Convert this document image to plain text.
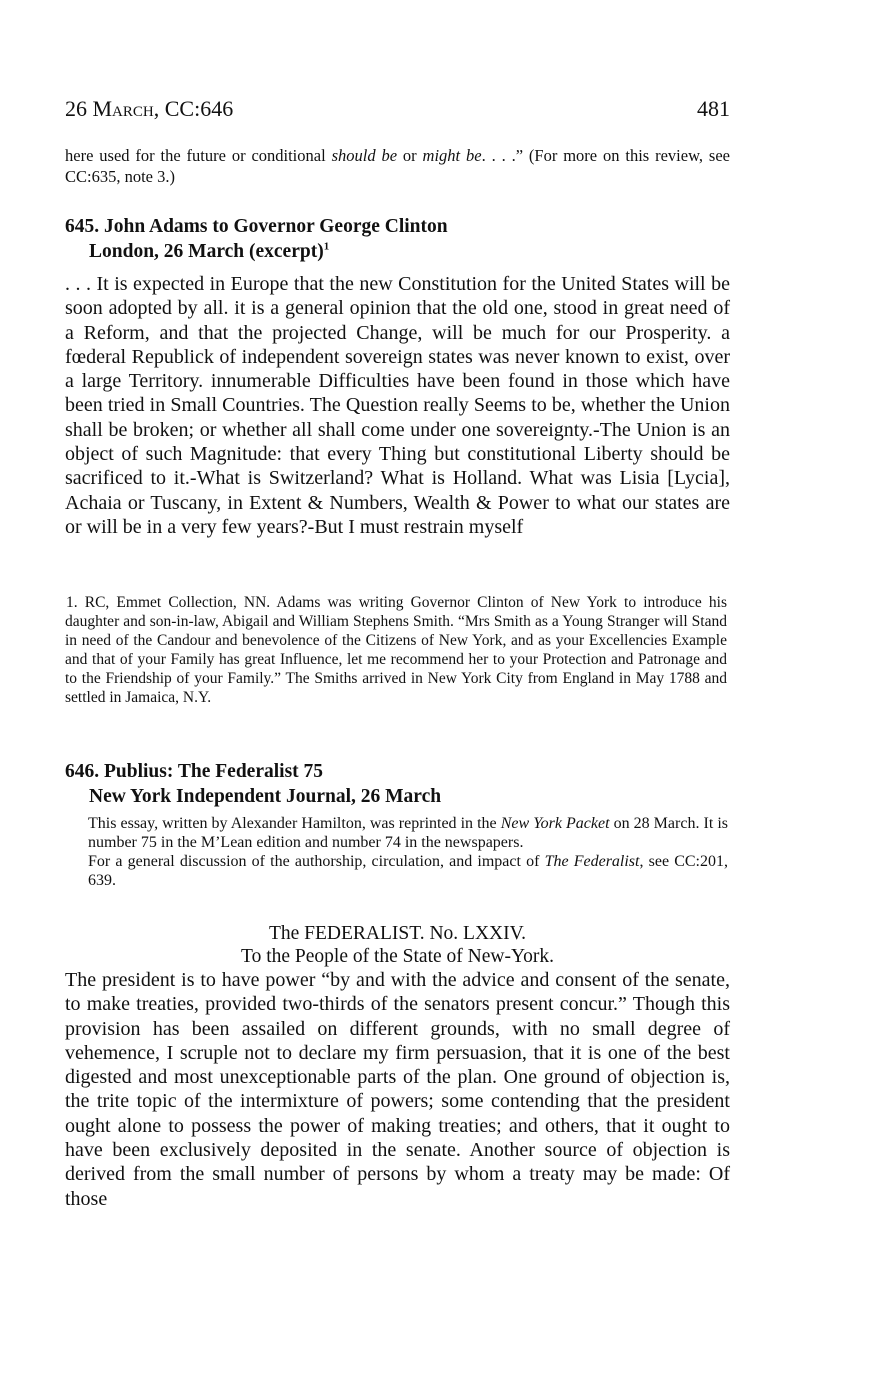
26 March, CC:646	481

here used for the future or conditional should be or might be. . . .” (For more on this review, see CC:635, note 3.)

645. John Adams to Governor George Clinton
London, 26 March (excerpt)$^1$

. . . It is expected in Europe that the new Constitution for the United States will be soon adopted by all. it is a general opinion that the old one, stood in great need of a Reform, and that the projected Change, will be much for our Prosperity. a fœderal Republick of independent sovereign states was never known to exist, over a large Territory. innumerable Difficulties have been found in those which have been tried in Small Countries. The Question really Seems to be, whether the Union shall be broken; or whether all shall come under one sovereignty.-The Union is an object of such Magnitude: that every Thing but constitutional Liberty should be sacrificed to it.-What is Switzerland? What is Holland. What was Lisia [Lycia], Achaia or Tuscany, in Extent & Numbers, Wealth & Power to what our states are or will be in a very few years?-But I must restrain myself

1. RC, Emmet Collection, NN. Adams was writing Governor Clinton of New York to introduce his daughter and son-in-law, Abigail and William Stephens Smith. “Mrs Smith as a Young Stranger will Stand in need of the Candour and benevolence of the Citizens of New York, and as your Excellencies Example and that of your Family has great Influence, let me recommend her to your Protection and Patronage and to the Friendship of your Family.” The Smiths arrived in New York City from England in May 1788 and settled in Jamaica, N.Y.

646. Publius: The Federalist 75
New York Independent Journal, 26 March

This essay, written by Alexander Hamilton, was reprinted in the New York Packet on 28 March. It is number 75 in the M’Lean edition and number 74 in the newspapers.

For a general discussion of the authorship, circulation, and impact of The Federalist, see CC:201, 639.

The FEDERALIST. No. LXXIV.
To the People of the State of New-York.

The president is to have power “by and with the advice and consent of the senate, to make treaties, provided two-thirds of the senators present concur.” Though this provision has been assailed on different grounds, with no small degree of vehemence, I scruple not to declare my firm persuasion, that it is one of the best digested and most unexceptionable parts of the plan. One ground of objection is, the trite topic of the intermixture of powers; some contending that the president ought alone to possess the power of making treaties; and others, that it ought to have been exclusively deposited in the senate. Another source of objection is derived from the small number of persons by whom a treaty may be made: Of those
